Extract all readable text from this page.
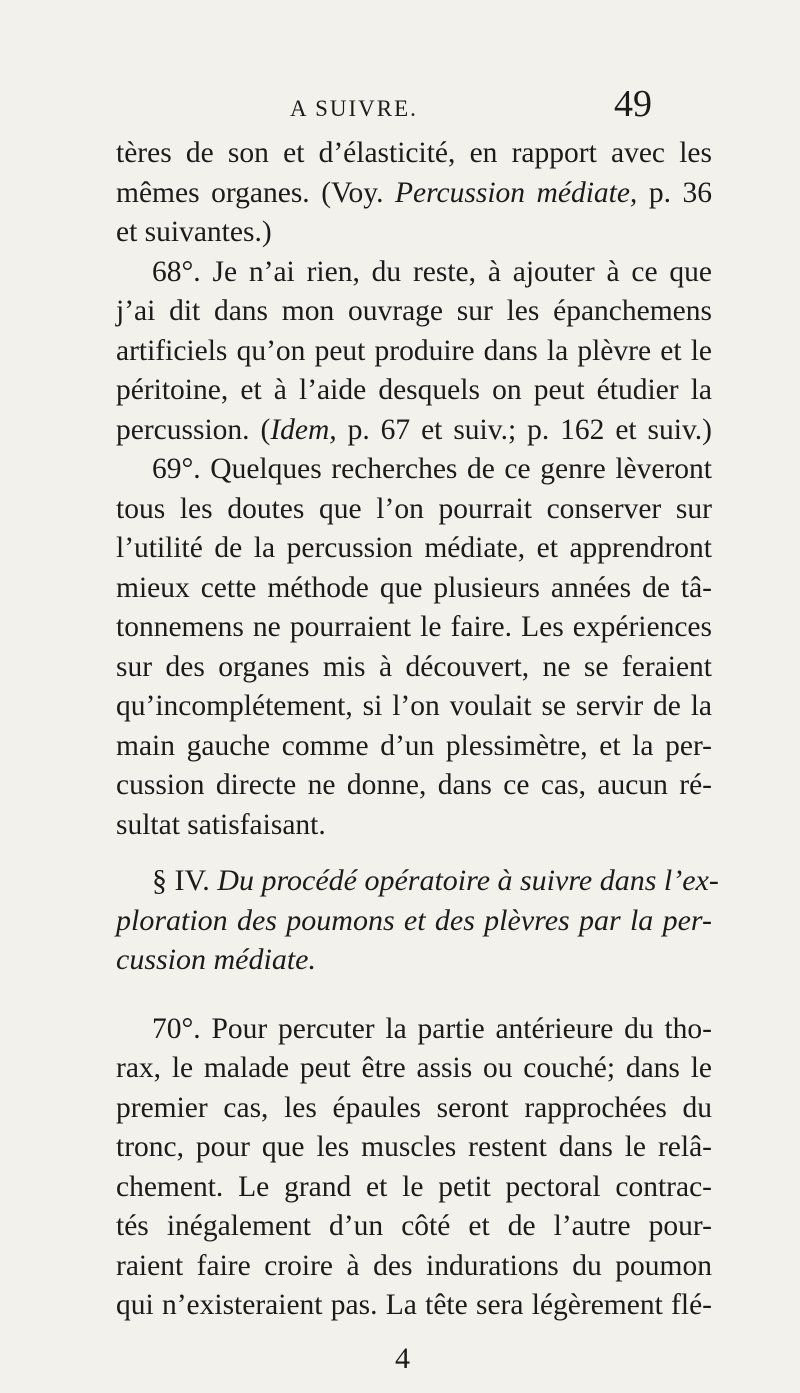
A SUIVRE.	49
tères de son et d’élasticité, en rapport avec les
mêmes organes. (Voy. Percussion médiate, p. 36
et suivantes.)
68°. Je n’ai rien, du reste, à ajouter à ce que
j’ai dit dans mon ouvrage sur les épanchemens
artificiels qu’on peut produire dans la plèvre et le
péritoine, et à l’aide desquels on peut étudier la
percussion. (Idem, p. 67 et suiv.; p. 162 et suiv.)
69°. Quelques recherches de ce genre lèveront
tous les doutes que l’on pourrait conserver sur
l’utilité de la percussion médiate, et apprendront
mieux cette méthode que plusieurs années de tâ-
tonnemens ne pourraient le faire. Les expériences
sur des organes mis à découvert, ne se feraient
qu’incomplétement, si l’on voulait se servir de la
main gauche comme d’un plessimètre, et la per-
cussion directe ne donne, dans ce cas, aucun ré-
sultat satisfaisant.
§ IV. Du procédé opératoire à suivre dans l’ex-
ploration des poumons et des plèvres par la per-
cussion médiate.
70°. Pour percuter la partie antérieure du tho-
rax, le malade peut être assis ou couché; dans le
premier cas, les épaules seront rapprochées du
tronc, pour que les muscles restent dans le relâ-
chement. Le grand et le petit pectoral contrac-
tés inégalement d’un côté et de l’autre pour-
raient faire croire à des indurations du poumon
qui n’existeraient pas. La tête sera légèrement flé-
4
